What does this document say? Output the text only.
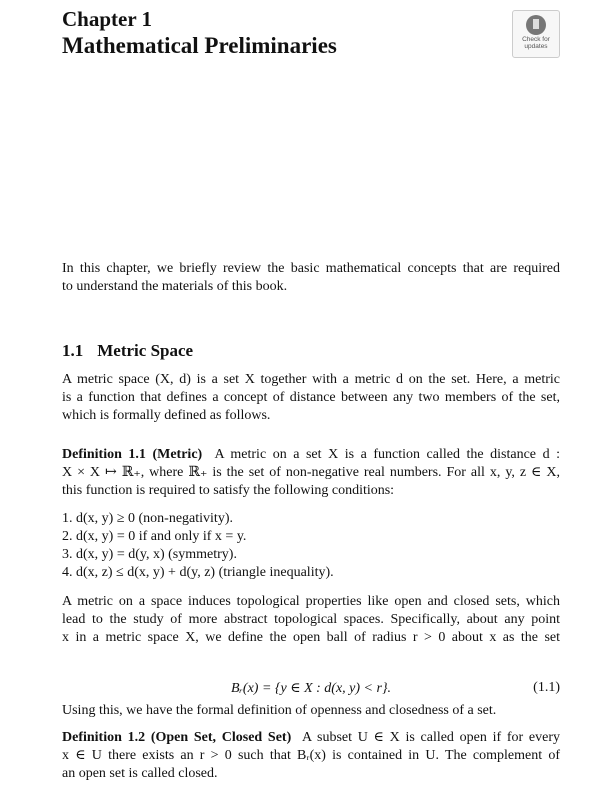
Chapter 1
Mathematical Preliminaries	Check for
updates
In this chapter, we briefly review the basic mathematical concepts that are required
to understand the materials of this book.
1.1 Metric Space
A metric space (X, d) is a set X together with a metric d on the set. Here, a metric
is a function that defines a concept of distance between any two members of the set,
which is formally defined as follows.
Definition 1.1 (Metric) A metric on a set X is a function called the distance d :
X × X ↦ ℝ₊, where ℝ₊ is the set of non-negative real numbers. For all x, y, z ∈ X,
this function is required to satisfy the following conditions:
1. d(x, y) ≥ 0 (non-negativity).
2. d(x, y) = 0 if and only if x = y.
3. d(x, y) = d(y, x) (symmetry).
4. d(x, z) ≤ d(x, y) + d(y, z) (triangle inequality).
A metric on a space induces topological properties like open and closed sets, which
lead to the study of more abstract topological spaces. Specifically, about any point
x in a metric space X, we define the open ball of radius r > 0 about x as the set
Bᵣ(x) = {y ∈ X : d(x, y) < r}.	(1.1)
Using this, we have the formal definition of openness and closedness of a set.
Definition 1.2 (Open Set, Closed Set) A subset U ∈ X is called open if for every
x ∈ U there exists an r > 0 such that Bᵣ(x) is contained in U. The complement of
an open set is called closed.
